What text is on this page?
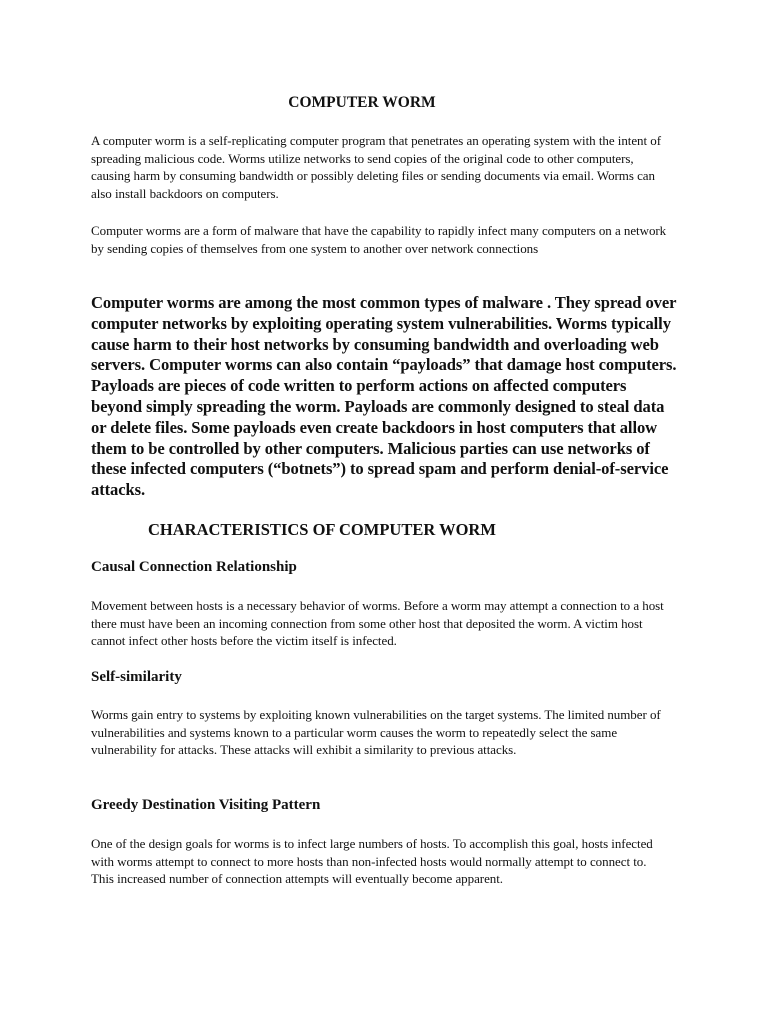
COMPUTER WORM

A computer worm is a self-replicating computer program that penetrates an operating system with the intent of spreading malicious code. Worms utilize networks to send copies of the original code to other computers, causing harm by consuming bandwidth or possibly deleting files or sending documents via email. Worms can also install backdoors on computers.

Computer worms are a form of malware that have the capability to rapidly infect many computers on a network by sending copies of themselves from one system to another over network connections

Computer worms are among the most common types of malware . They spread over computer networks by exploiting operating system vulnerabilities. Worms typically cause harm to their host networks by consuming bandwidth and overloading web servers. Computer worms can also contain “payloads” that damage host computers. Payloads are pieces of code written to perform actions on affected computers beyond simply spreading the worm. Payloads are commonly designed to steal data or delete files. Some payloads even create backdoors in host computers that allow them to be controlled by other computers. Malicious parties can use networks of these infected computers (“botnets”) to spread spam and perform denial-of-service attacks.

CHARACTERISTICS OF COMPUTER WORM
Causal Connection Relationship

Movement between hosts is a necessary behavior of worms. Before a worm may attempt a connection to a host there must have been an incoming connection from some other host that deposited the worm. A victim host cannot infect other hosts before the victim itself is infected.

Self-similarity

Worms gain entry to systems by exploiting known vulnerabilities on the target systems. The limited number of vulnerabilities and systems known to a particular worm causes the worm to repeatedly select the same vulnerability for attacks. These attacks will exhibit a similarity to previous attacks.

Greedy Destination Visiting Pattern

One of the design goals for worms is to infect large numbers of hosts. To accomplish this goal, hosts infected with worms attempt to connect to more hosts than non-infected hosts would normally attempt to connect to. This increased number of connection attempts will eventually become apparent.
